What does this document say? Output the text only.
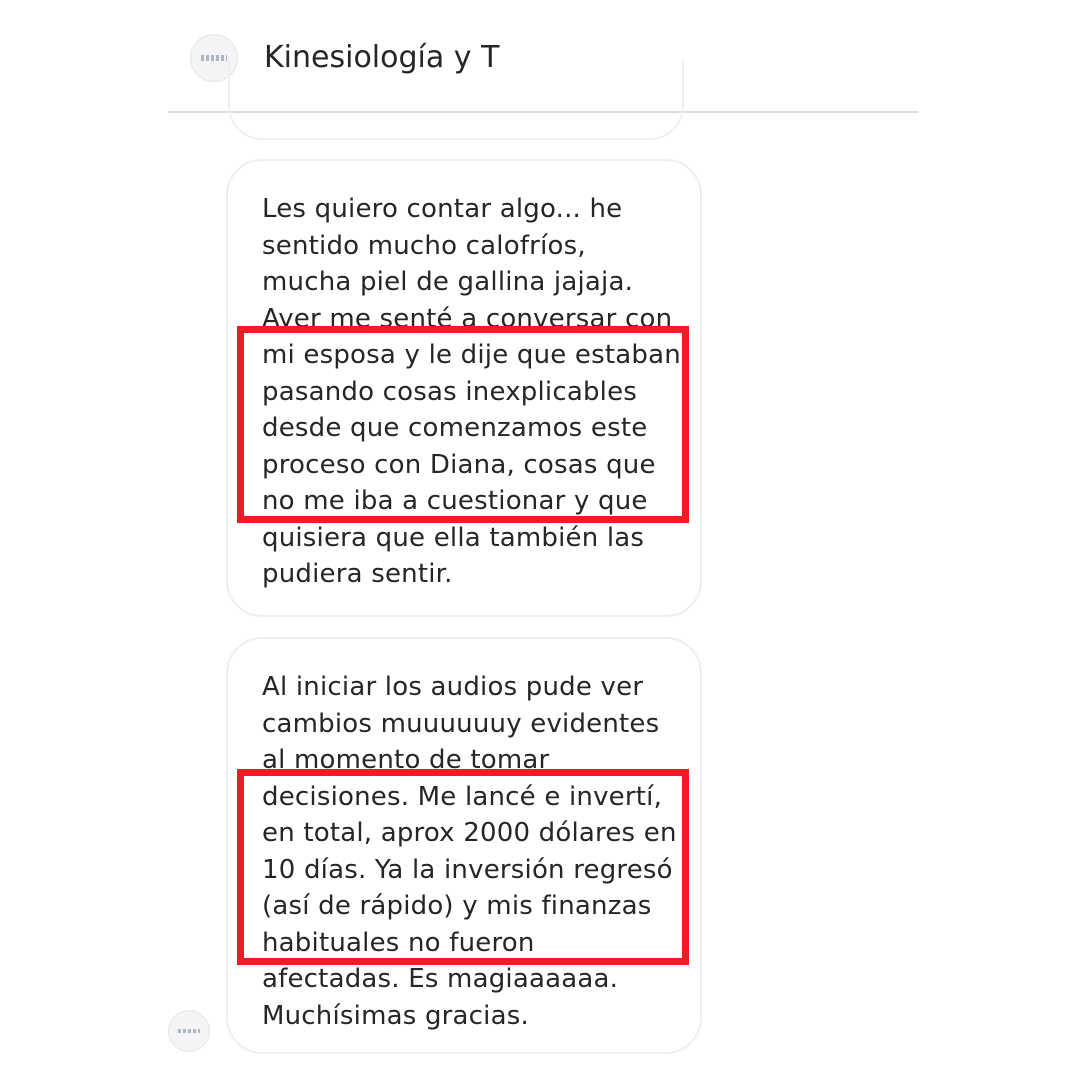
Kinesiología y T
Les quiero contar algo... he
sentido mucho calofríos,
mucha piel de gallina jajaja.
Ayer me senté a conversar con
mi esposa y le dije que estaban
pasando cosas inexplicables
desde que comenzamos este
proceso con Diana, cosas que
no me iba a cuestionar y que
quisiera que ella también las
pudiera sentir.
Al iniciar los audios pude ver
cambios muuuuuuy evidentes
al momento de tomar
decisiones. Me lancé e invertí,
en total, aprox 2000 dólares en
10 días. Ya la inversión regresó
(así de rápido) y mis finanzas
habituales no fueron
afectadas. Es magiaaaaaa.
Muchísimas gracias.
